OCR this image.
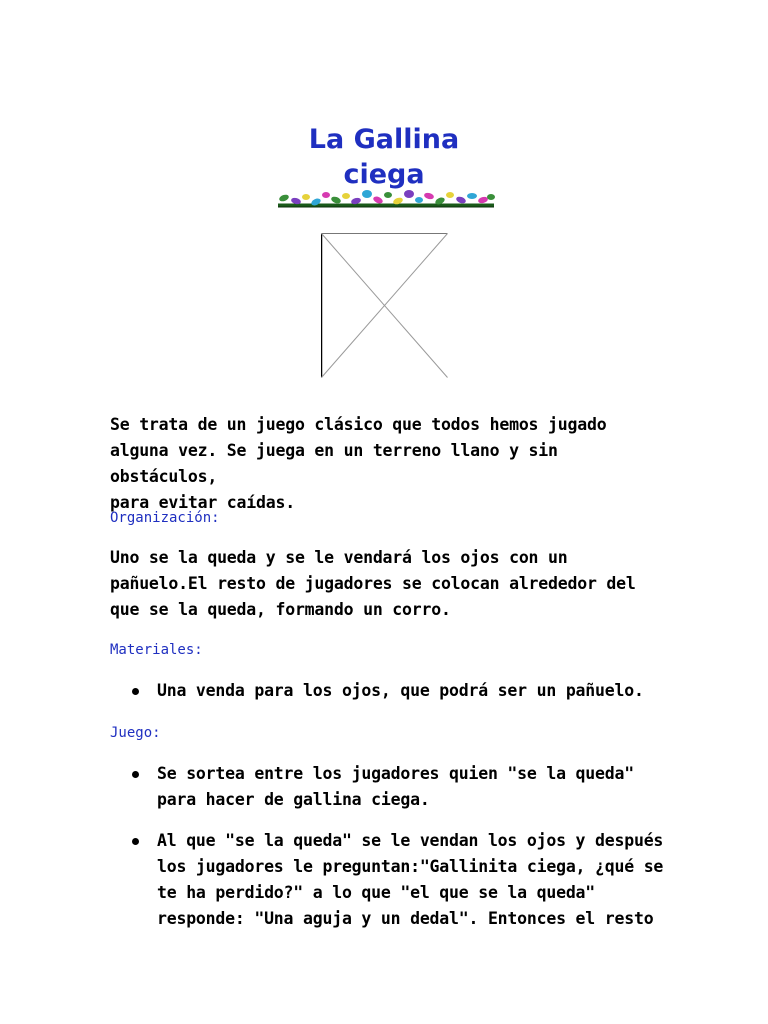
La Gallina
ciega

Se trata de un juego clásico que todos hemos jugado
alguna vez. Se juega en un terreno llano y sin obstáculos,
para evitar caídas.

Organización:

Uno se la queda y se le vendará los ojos con un
pañuelo.El resto de jugadores se colocan alrededor del
que se la queda, formando un corro.

Materiales:

Una venda para los ojos, que podrá ser un pañuelo.

Juego:

Se sortea entre los jugadores quien "se la queda"
para hacer de gallina ciega.

Al que "se la queda" se le vendan los ojos y después
los jugadores le preguntan:"Gallinita ciega, ¿qué se
te ha perdido?" a lo que "el que se la queda"
responde: "Una aguja y un dedal". Entonces el resto
